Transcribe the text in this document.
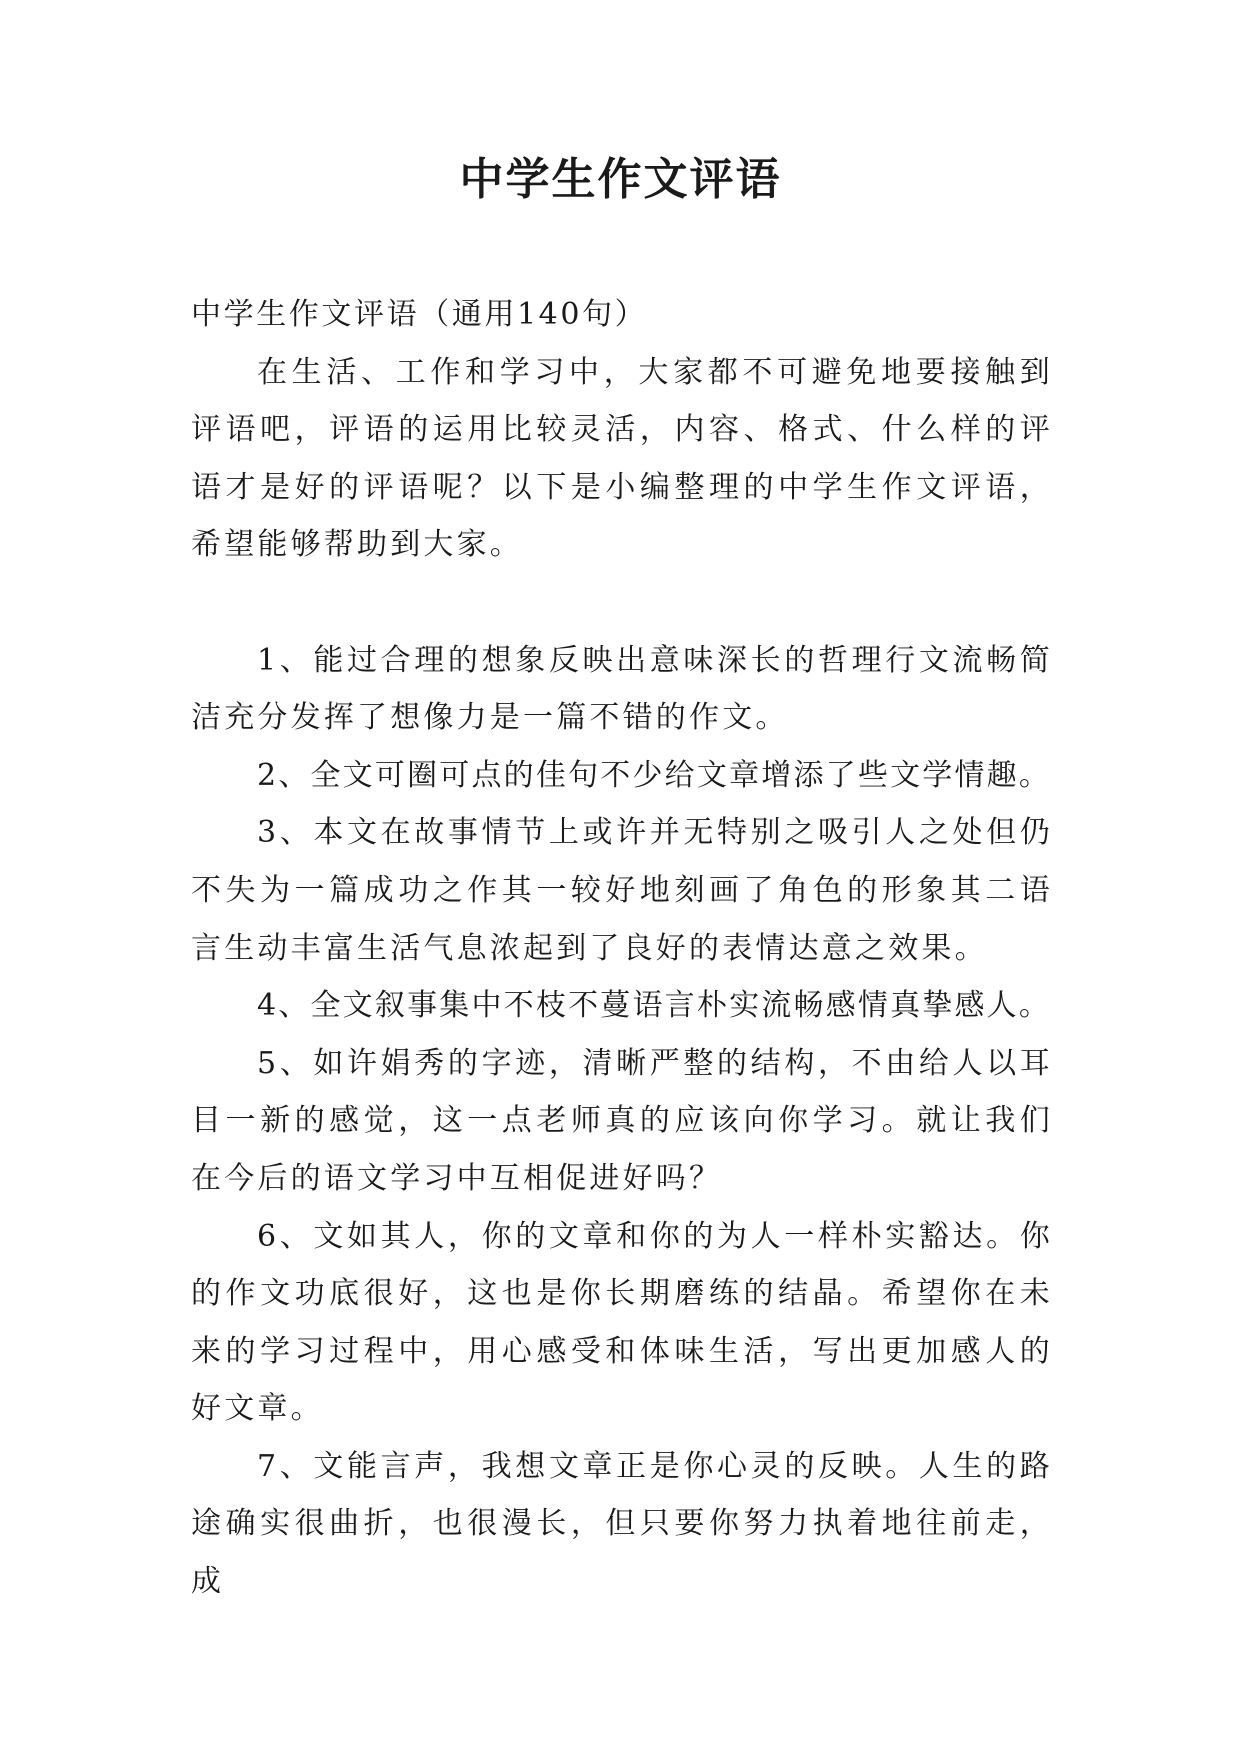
中学生作文评语

中学生作文评语（通用140句）

在生活、工作和学习中，大家都不可避免地要接触到评语吧，评语的运用比较灵活，内容、格式、什么样的评语才是好的评语呢？以下是小编整理的中学生作文评语，希望能够帮助到大家。

1、能过合理的想象反映出意味深长的哲理行文流畅简洁充分发挥了想像力是一篇不错的作文。

2、全文可圈可点的佳句不少给文章增添了些文学情趣。

3、本文在故事情节上或许并无特别之吸引人之处但仍不失为一篇成功之作其一较好地刻画了角色的形象其二语言生动丰富生活气息浓起到了良好的表情达意之效果。

4、全文叙事集中不枝不蔓语言朴实流畅感情真挚感人。

5、如许娟秀的字迹，清晰严整的结构，不由给人以耳目一新的感觉，这一点老师真的应该向你学习。就让我们在今后的语文学习中互相促进好吗？

6、文如其人，你的文章和你的为人一样朴实豁达。你的作文功底很好，这也是你长期磨练的结晶。希望你在未来的学习过程中，用心感受和体味生活，写出更加感人的好文章。

7、文能言声，我想文章正是你心灵的反映。人生的路途确实很曲折，也很漫长，但只要你努力执着地往前走，成
